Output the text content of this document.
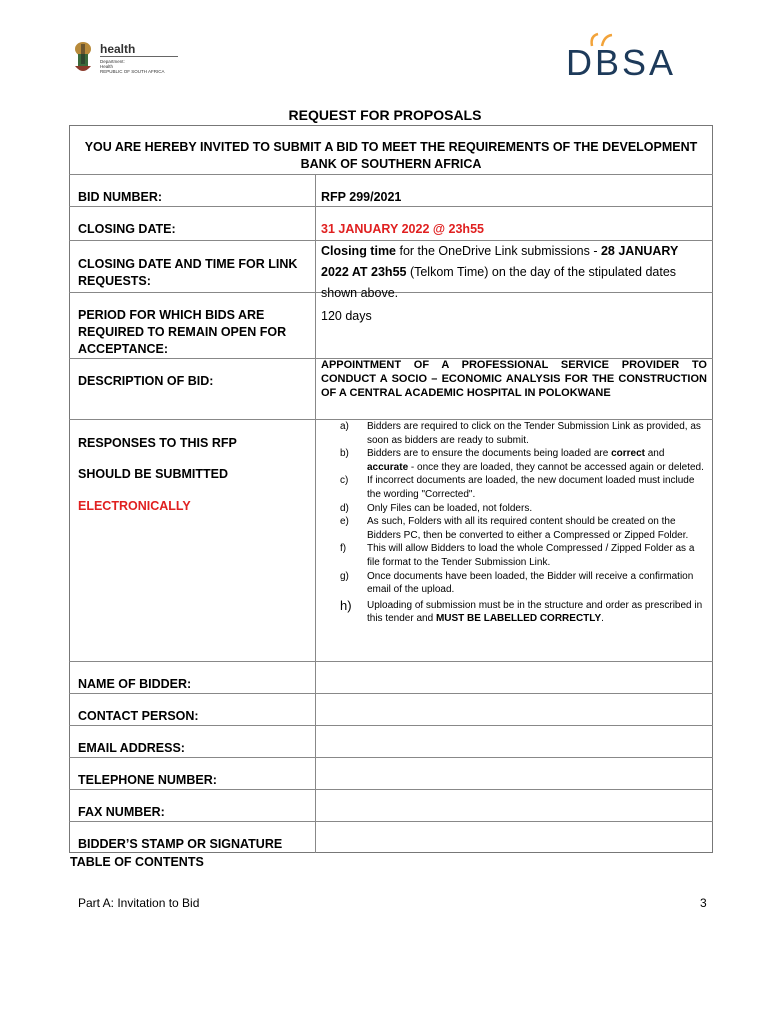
health
Department:
Health
REPUBLIC OF SOUTH AFRICA	DBSA
REQUEST FOR PROPOSALS
YOU ARE HEREBY INVITED TO SUBMIT A BID TO MEET THE REQUIREMENTS OF THE DEVELOPMENT BANK OF SOUTHERN AFRICA
BID NUMBER:	RFP 299/2021
CLOSING DATE:	31 JANUARY 2022 @ 23h55
CLOSING DATE AND TIME FOR LINK REQUESTS:
Closing time for the OneDrive Link submissions - 28 JANUARY 2022 AT 23h55 (Telkom Time) on the day of the stipulated dates shown above.
PERIOD FOR WHICH BIDS ARE REQUIRED TO REMAIN OPEN FOR ACCEPTANCE:
120 days
DESCRIPTION OF BID:
APPOINTMENT OF A PROFESSIONAL SERVICE PROVIDER TO CONDUCT A SOCIO – ECONOMIC ANALYSIS FOR THE CONSTRUCTION OF A CENTRAL ACADEMIC HOSPITAL IN POLOKWANE
RESPONSES TO THIS RFP
SHOULD BE SUBMITTED
ELECTRONICALLY
a) Bidders are required to click on the Tender Submission Link as provided, as soon as bidders are ready to submit.
b) Bidders are to ensure the documents being loaded are correct and accurate - once they are loaded, they cannot be accessed again or deleted.
c) If incorrect documents are loaded, the new document loaded must include the wording "Corrected".
d) Only Files can be loaded, not folders.
e) As such, Folders with all its required content should be created on the Bidders PC, then be converted to either a Compressed or Zipped Folder.
f) This will allow Bidders to load the whole Compressed / Zipped Folder as a file format to the Tender Submission Link.
g) Once documents have been loaded, the Bidder will receive a confirmation email of the upload.
h) Uploading of submission must be in the structure and order as prescribed in this tender and MUST BE LABELLED CORRECTLY.
NAME OF BIDDER:
CONTACT PERSON:
EMAIL ADDRESS:
TELEPHONE NUMBER:
FAX NUMBER:
BIDDER’S STAMP OR SIGNATURE
TABLE OF CONTENTS
Part A: Invitation to Bid	3
